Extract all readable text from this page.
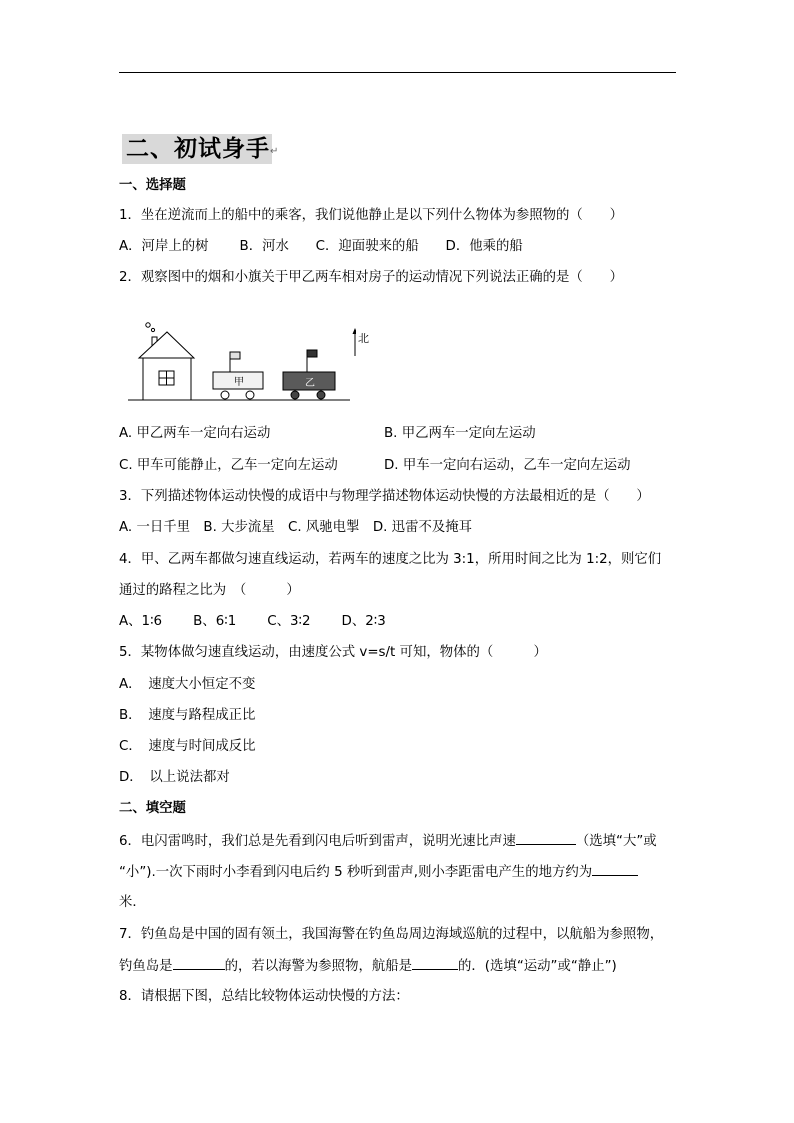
二、初试身手 ↵
一、选择题
1．坐在逆流而上的船中的乘客，我们说他静止是以下列什么物体为参照物的（　　）
A．河岸上的树　　 B．河水　　C．迎面驶来的船　　D．他乘的船
2．观察图中的烟和小旗关于甲乙两车相对房子的运动情况下列说法正确的是（　　）
甲	乙
北
A. 甲乙两车一定向右运动	B. 甲乙两车一定向左运动
C. 甲车可能静止，乙车一定向左运动	D. 甲车一定向右运动，乙车一定向左运动
3．下列描述物体运动快慢的成语中与物理学描述物体运动快慢的方法最相近的是（　　）
A. 一日千里　B. 大步流星　C. 风驰电掣　D. 迅雷不及掩耳
4．甲、乙两车都做匀速直线运动，若两车的速度之比为 3:1，所用时间之比为 1:2，则它们
通过的路程之比为　（　　　）
A、1∶6　　 B、6∶1　　 C、3∶2　　 D、2∶3
5．某物体做匀速直线运动，由速度公式 v=s/t 可知，物体的（　　　）
A．　速度大小恒定不变
B．　速度与路程成正比
C．　速度与时间成反比
D．　以上说法都对
二、填空题
6．电闪雷鸣时，我们总是先看到闪电后听到雷声，说明光速比声速	（选填“大”或
“小”).一次下雨时小李看到闪电后约 5 秒听到雷声,则小李距雷电产生的地方约为
米．
7．钓鱼岛是中国的固有领土，我国海警在钓鱼岛周边海域巡航的过程中，以航船为参照物，
钓鱼岛是	的，若以海警为参照物，航船是	的．(选填“运动”或“静止”)
8．请根据下图，总结比较物体运动快慢的方法：
